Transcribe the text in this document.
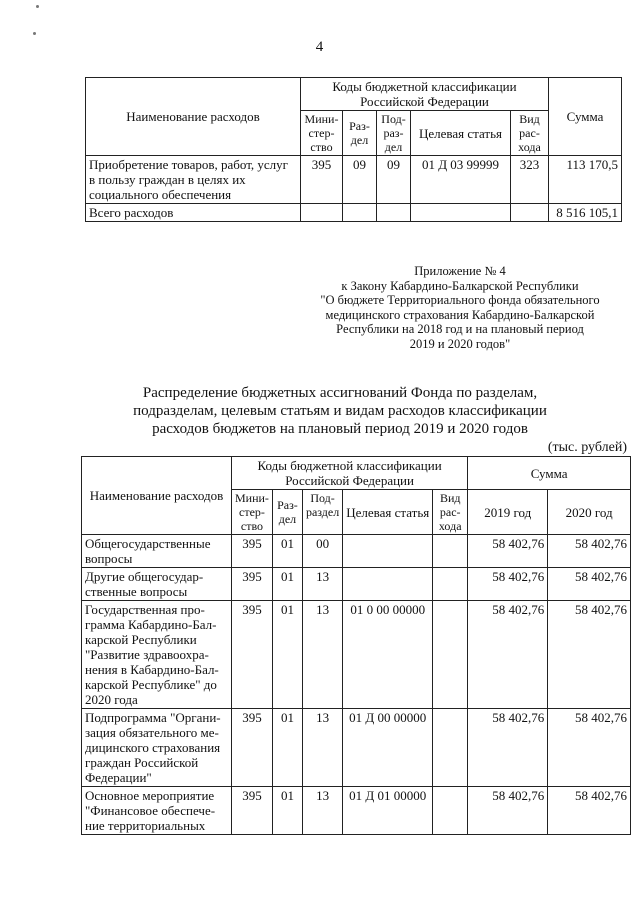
4
Наименование расходов	Коды бюджетной классификации Российской Федерации					Сумма
	Мини-стер-ство	Раз-дел	Под-раз-дел	Целевая статья	Вид рас-хода	
Приобретение товаров, работ, услуг в пользу граждан в целях их социального обеспечения	395	09	09	01 Д 03 99999	323	113 170,5
Всего расходов						8 516 105,1
Приложение № 4
к Закону Кабардино-Балкарской Республики
"О бюджете Территориального фонда обязательного
медицинского страхования Кабардино-Балкарской
Республики на 2018 год и на плановый период
2019 и 2020 годов"
Распределение бюджетных ассигнований Фонда по разделам,
подразделам, целевым статьям и видам расходов классификации
расходов бюджетов на плановый период 2019 и 2020 годов
(тыс. рублей)
Наименование расходов	Коды бюджетной классификации Российской Федерации					Сумма	
	Мини-стер-ство	Раз-дел	Под-раздел	Целевая статья	Вид рас-хода	2019 год	2020 год
Общегосударственные вопросы	395	01	00			58 402,76	58 402,76
Другие общегосудар-ственные вопросы	395	01	13			58 402,76	58 402,76
Государственная про-грамма Кабардино-Бал-карской Республики "Развитие здравоохра-нения в Кабардино-Бал-карской Республике" до 2020 года	395	01	13	01 0 00 00000		58 402,76	58 402,76
Подпрограмма "Органи-зация обязательного ме-дицинского страхования граждан Российской Федерации"	395	01	13	01 Д 00 00000		58 402,76	58 402,76
Основное мероприятие "Финансовое обеспече-ние территориальных	395	01	13	01 Д 01 00000		58 402,76	58 402,76
